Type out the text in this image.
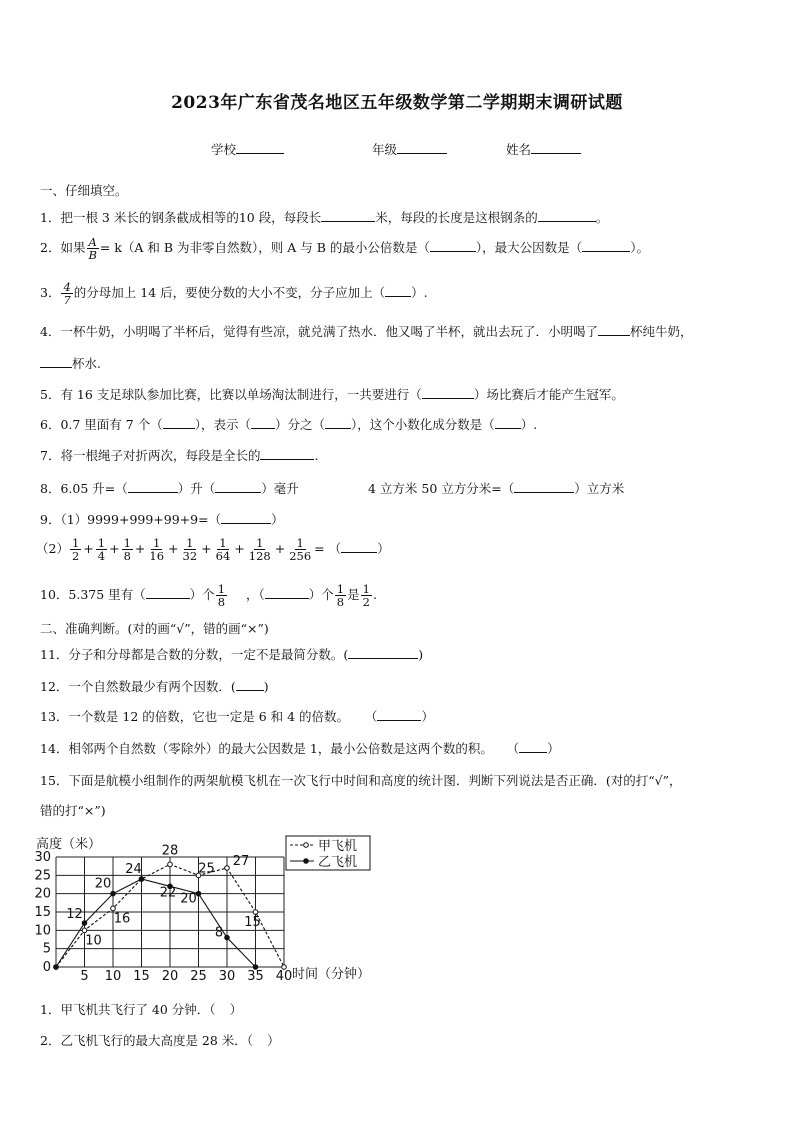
2023年广东省茂名地区五年级数学第二学期期末调研试题
学校	年级	姓名
一、仔细填空。
1．把一根 3 米长的钢条截成相等的10 段，每段长	米，每段的长度是这根钢条的	。
2．如果 $\frac{A}{B} = k(A$ 和 B 为非零自然数），则 A 与 B 的最小公倍数是（	），最大公因数是（	）。
3． $\frac{4}{7}$ 的分母加上 14 后，要使分数的大小不变，分子应加上（ ）.
4．一杯牛奶，小明喝了半杯后，觉得有些凉，就兑满了热水．他又喝了半杯，就出去玩了．小明喝了	杯纯牛奶，
杯水.
5．有 16 支足球队参加比赛，比赛以单场淘汰制进行，一共要进行（	）场比赛后才能产生冠军。
6．0.7 里面有 7 个（	），表示（ ）分之（ ），这个小数化成分数是（ ）.
7．将一根绳子对折两次，每段是全长的	.
8．6.05 升=（	）升（	）毫升	4 立方米 50 立方分米=（	）立方米
9．（1）9999+999+99+9=（	）
$(2) \frac{1}{2} + \frac{1}{4} + \frac{1}{8} + \frac{1}{16} + \frac{1}{32} + \frac{1}{64} + \frac{1}{128} + \frac{1}{256}$ = （	）
10．5.375 里有（	）个 $\frac{1}{8}$ ，（	）个 $\frac{1}{8}$ 是 $\frac{1}{2}$ .
二、准确判断。(对的画“√”，错的画“×”)
11．分子和分母都是合数的分数，一定不是最简分数。(	)
12．一个自然数最少有两个因数．( )
13．一个数是 12 的倍数，它也一定是 6 和 4 的倍数。 （	）
14．相邻两个自然数（零除外）的最大公因数是 1，最小公倍数是这两个数的积。 （ ）
15．下面是航模小组制作的两架航模飞机在一次飞行中时间和高度的统计图．判断下列说法是否正确．(对的打“√”，
错的打“×”)
高度（米）
时间（分钟）
0
5
10
15
20
25
30
5 10 15 20 25 30 35 40
10
16
28
25 27
15
12
20
24
22 20
8
甲飞机
乙飞机
1．甲飞机共飞行了 40 分钟．（ ）
2．乙飞机飞行的最大高度是 28 米．（ ）
